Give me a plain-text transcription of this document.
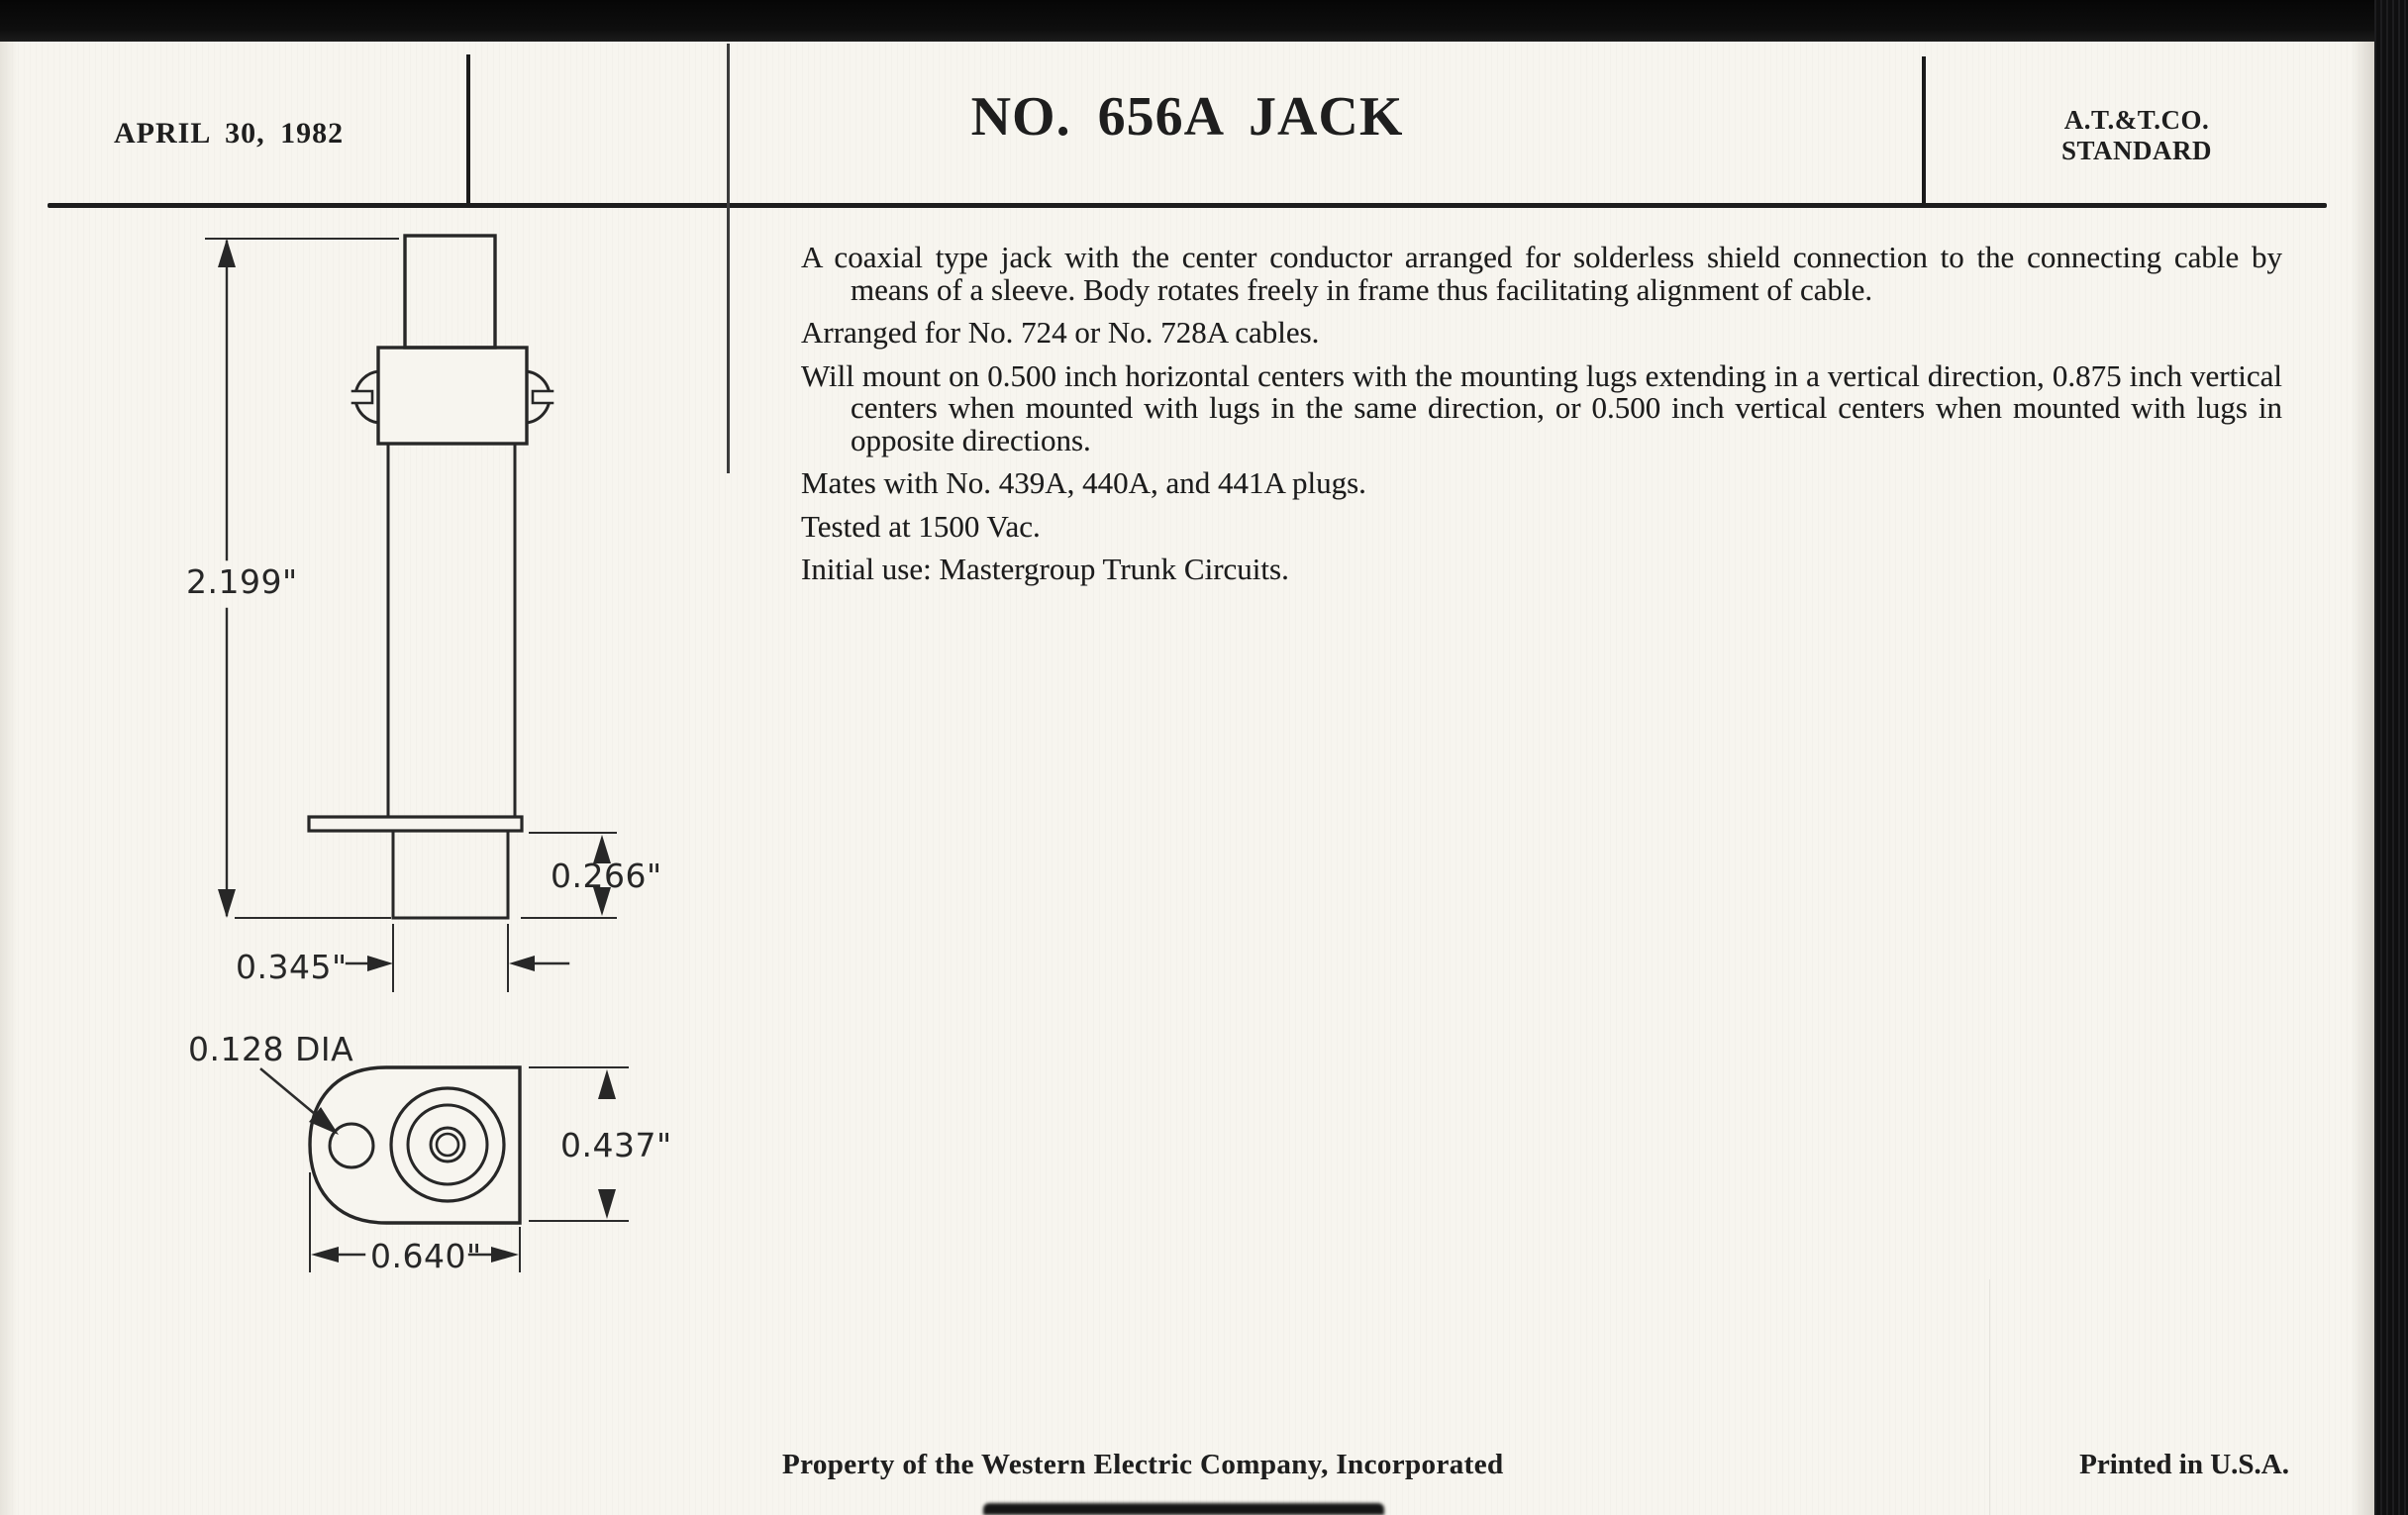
APRIL 30, 1982	NO. 656A JACK	A.T.&T.CO.
STANDARD

A coaxial type jack with the center conductor arranged for solderless shield connection to the connecting cable by means of a sleeve. Body rotates freely in frame thus facilitating alignment of cable.

Arranged for No. 724 or No. 728A cables.

Will mount on 0.500 inch horizontal centers with the mounting lugs extending in a vertical direction, 0.875 inch vertical centers when mounted with lugs in the same direction, or 0.500 inch vertical centers when mounted with lugs in opposite directions.

Mates with No. 439A, 440A, and 441A plugs.

Tested at 1500 Vac.

Initial use: Mastergroup Trunk Circuits.

2.199"
0.266"
0.345"
0.128 DIA
0.437"
0.640"
Property of the Western Electric Company, Incorporated	Printed in U.S.A.
